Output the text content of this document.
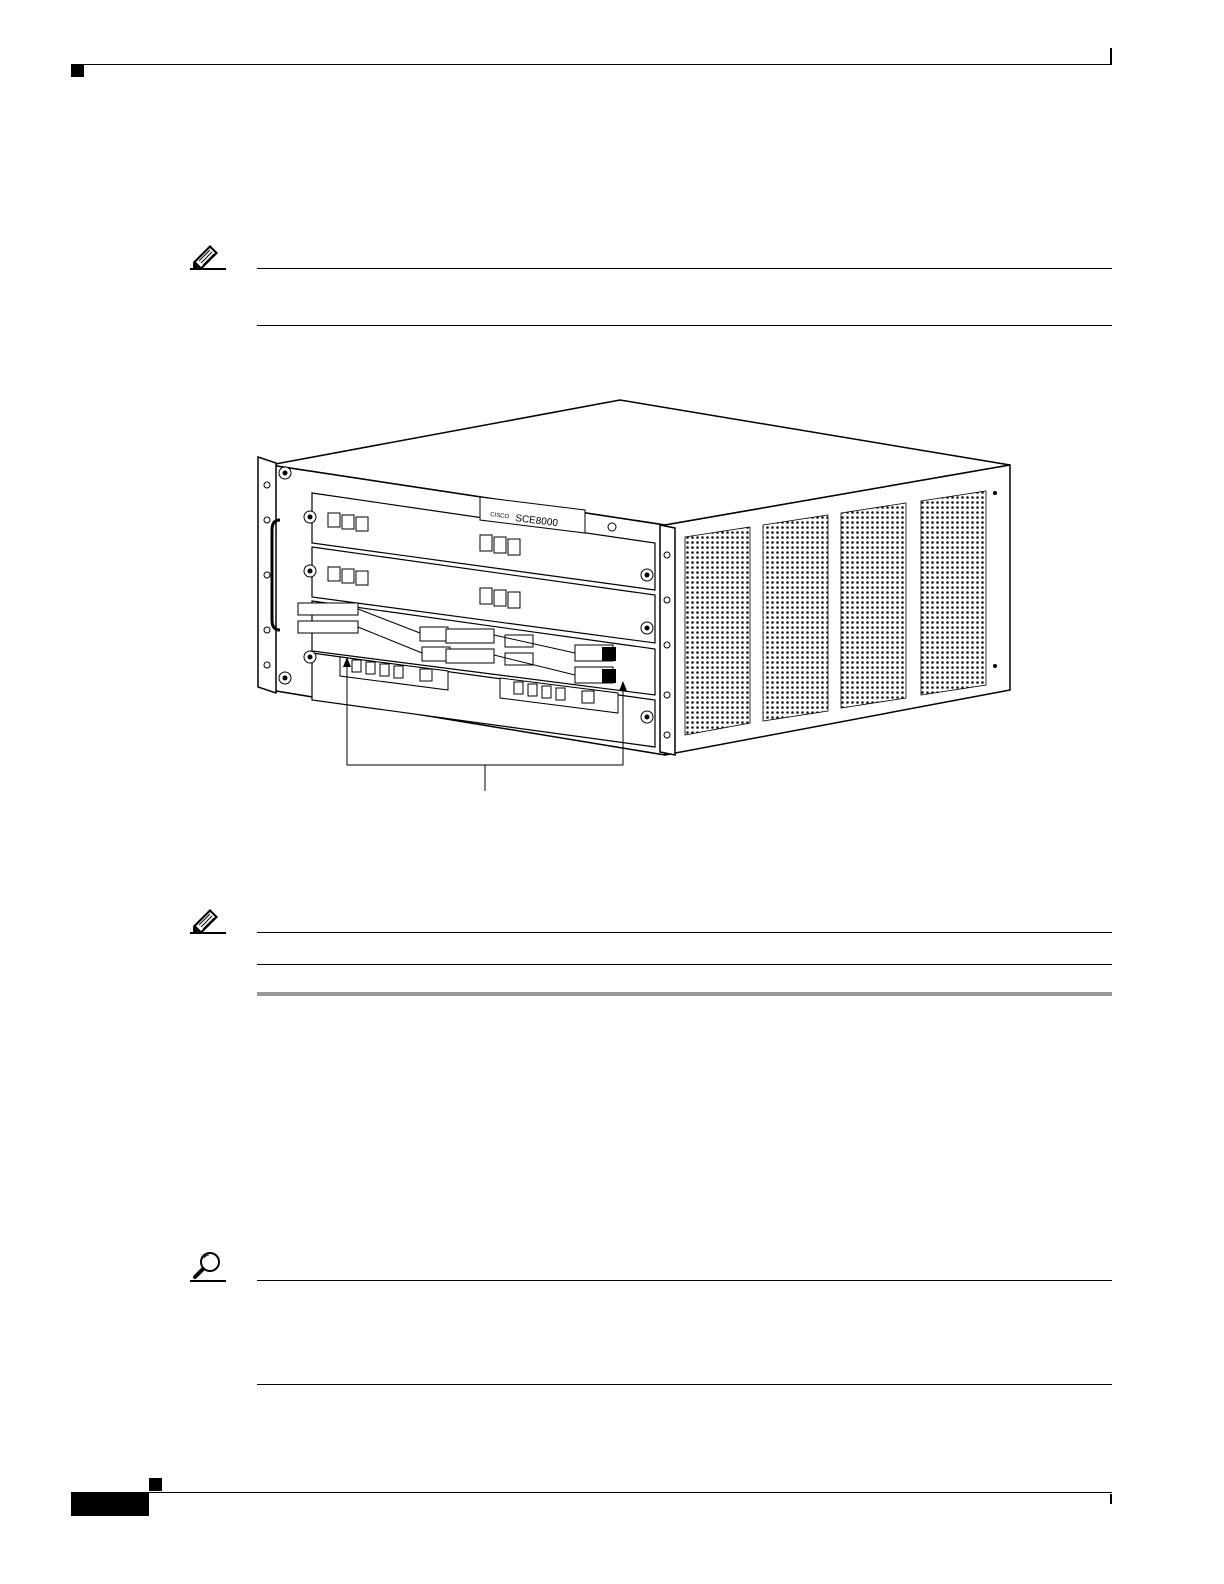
CISCO SCE8000
